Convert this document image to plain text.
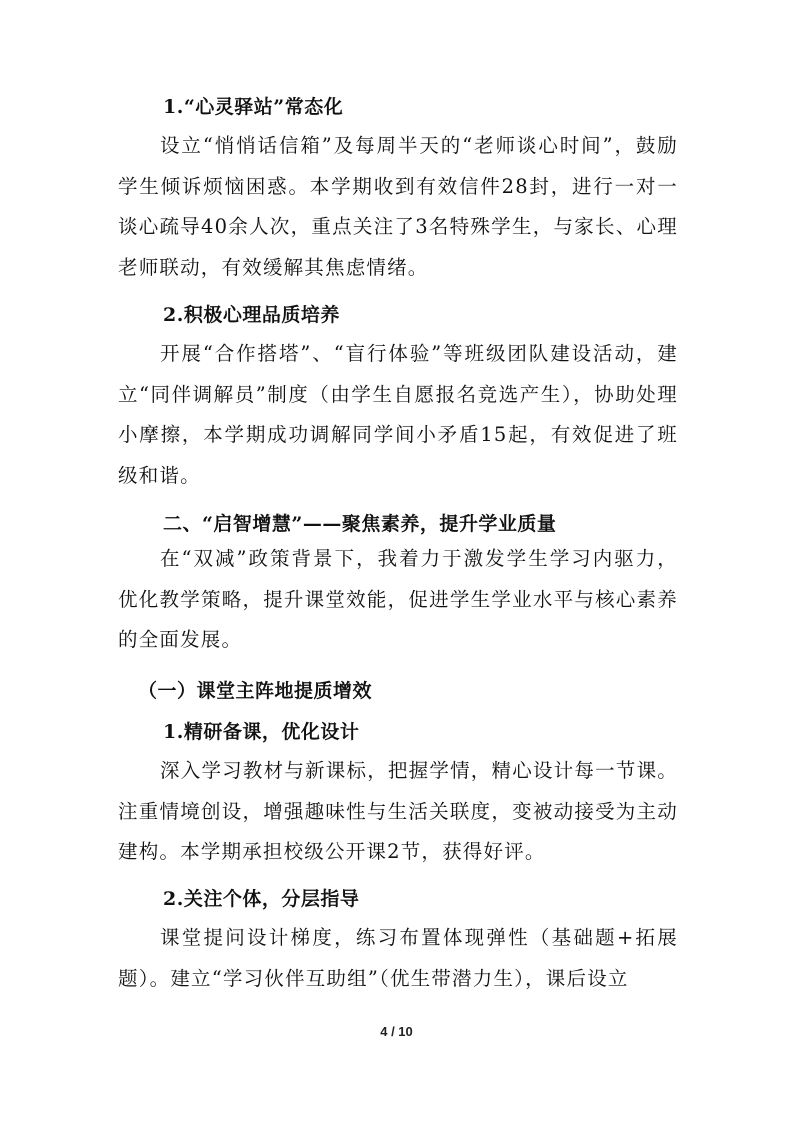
1.“心灵驿站”常态化
设立“悄悄话信箱”及每周半天的“老师谈心时间”，鼓励学生倾诉烦恼困惑。本学期收到有效信件28封，进行一对一谈心疏导40余人次，重点关注了3名特殊学生，与家长、心理老师联动，有效缓解其焦虑情绪。
2.积极心理品质培养
开展“合作搭塔”、“盲行体验”等班级团队建设活动，建立“同伴调解员”制度（由学生自愿报名竞选产生），协助处理小摩擦，本学期成功调解同学间小矛盾15起，有效促进了班级和谐。
二、“启智增慧”——聚焦素养，提升学业质量
在“双减”政策背景下，我着力于激发学生学习内驱力，优化教学策略，提升课堂效能，促进学生学业水平与核心素养的全面发展。
（一）课堂主阵地提质增效
1.精研备课，优化设计
深入学习教材与新课标，把握学情，精心设计每一节课。注重情境创设，增强趣味性与生活关联度，变被动接受为主动建构。本学期承担校级公开课2节，获得好评。
2.关注个体，分层指导
课堂提问设计梯度，练习布置体现弹性（基础题+拓展题）。建立“学习伙伴互助组”（优生带潜力生），课后设立
4 / 10
